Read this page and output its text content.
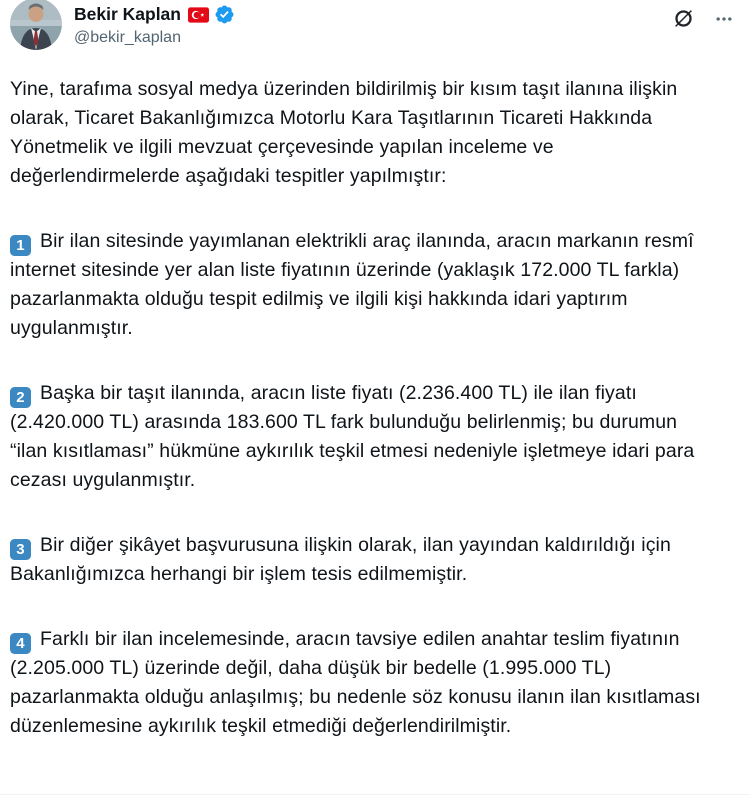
Bekir Kaplan
@bekir_kaplan

Yine, tarafıma sosyal medya üzerinden bildirilmiş bir kısım taşıt ilanına ilişkin olarak, Ticaret Bakanlığımızca Motorlu Kara Taşıtlarının Ticareti Hakkında Yönetmelik ve ilgili mevzuat çerçevesinde yapılan inceleme ve değerlendirmelerde aşağıdaki tespitler yapılmıştır:

1 Bir ilan sitesinde yayımlanan elektrikli araç ilanında, aracın markanın resmî internet sitesinde yer alan liste fiyatının üzerinde (yaklaşık 172.000 TL farkla) pazarlanmakta olduğu tespit edilmiş ve ilgili kişi hakkında idari yaptırım uygulanmıştır.

2 Başka bir taşıt ilanında, aracın liste fiyatı (2.236.400 TL) ile ilan fiyatı (2.420.000 TL) arasında 183.600 TL fark bulunduğu belirlenmiş; bu durumun “ilan kısıtlaması” hükmüne aykırılık teşkil etmesi nedeniyle işletmeye idari para cezası uygulanmıştır.

3 Bir diğer şikâyet başvurusuna ilişkin olarak, ilan yayından kaldırıldığı için Bakanlığımızca herhangi bir işlem tesis edilmemiştir.

4 Farklı bir ilan incelemesinde, aracın tavsiye edilen anahtar teslim fiyatının (2.205.000 TL) üzerinde değil, daha düşük bir bedelle (1.995.000 TL) pazarlanmakta olduğu anlaşılmış; bu nedenle söz konusu ilanın ilan kısıtlaması düzenlemesine aykırılık teşkil etmediği değerlendirilmiştir.
